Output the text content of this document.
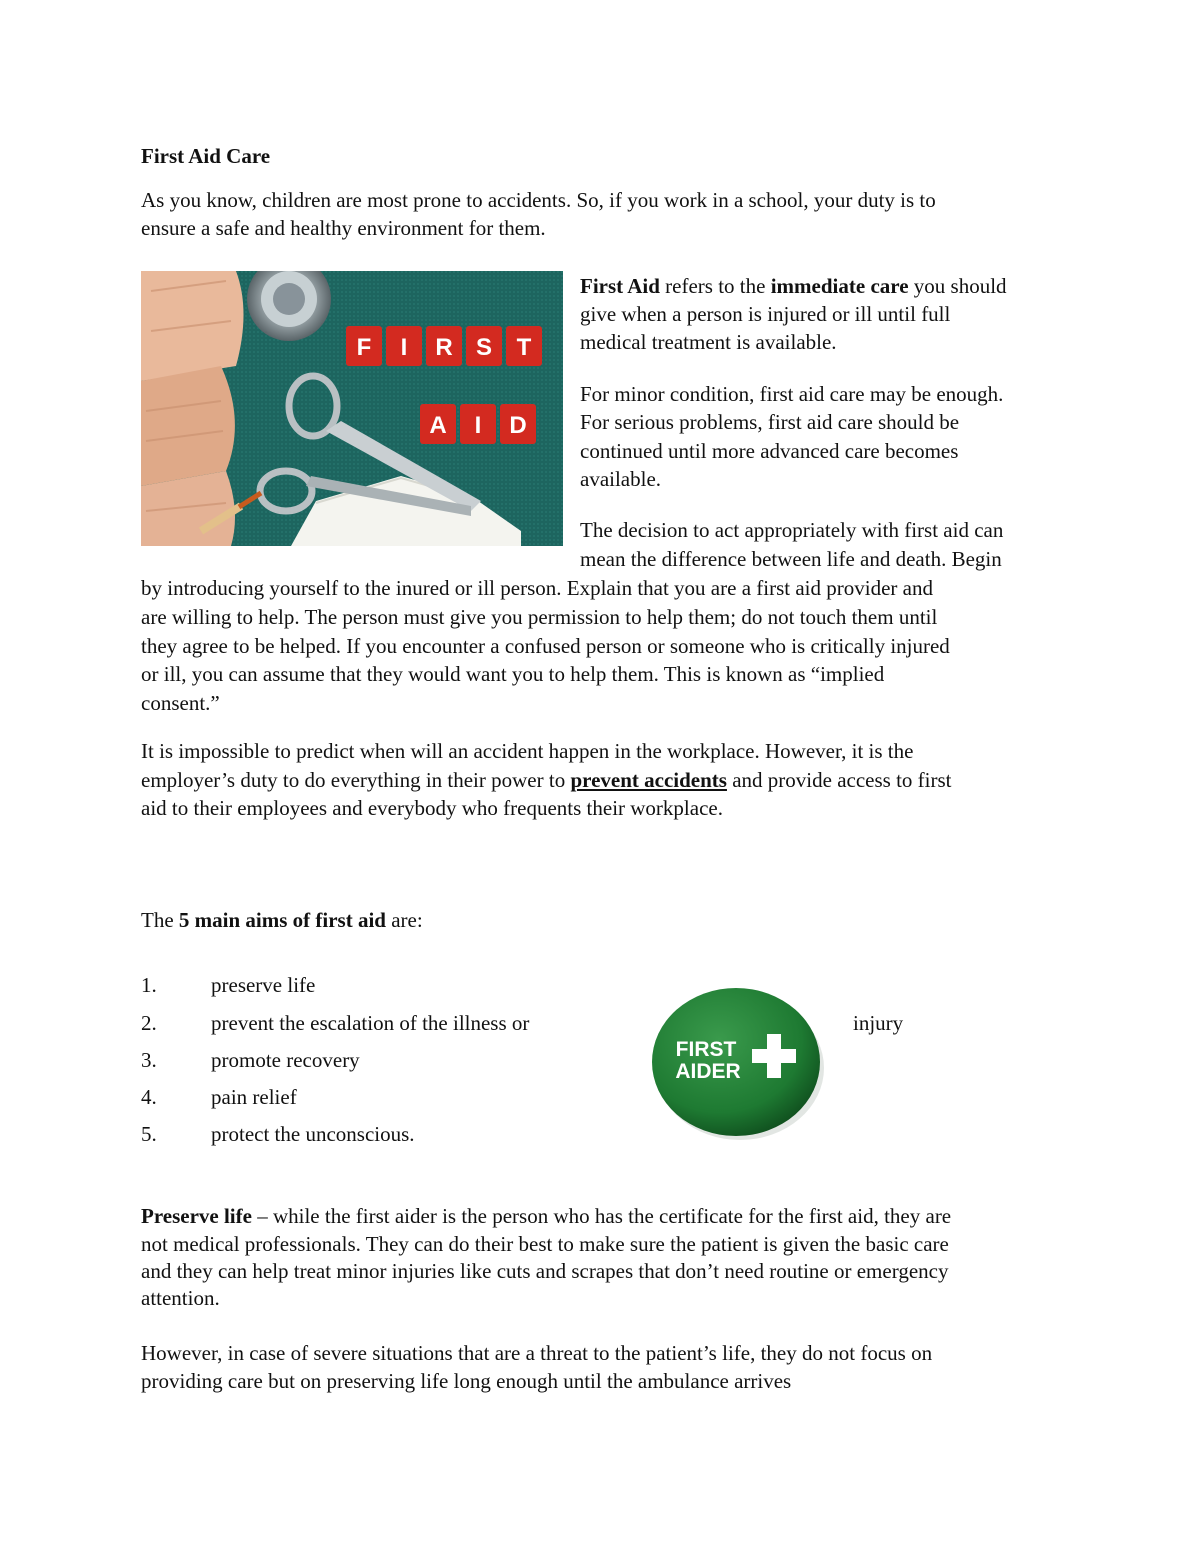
First Aid Care
As you know, children are most prone to accidents. So, if you work in a school, your duty is to
ensure a safe and healthy environment for them.
F I R S T
A I D
First Aid refers to the immediate care you should
give when a person is injured or ill until full
medical treatment is available.
For minor condition, first aid care may be enough.
For serious problems, first aid care should be
continued until more advanced care becomes
available.
The decision to act appropriately with first aid can
mean the difference between life and death. Begin
by introducing yourself to the inured or ill person. Explain that you are a first aid provider and
are willing to help. The person must give you permission to help them; do not touch them until
they agree to be helped. If you encounter a confused person or someone who is critically injured
or ill, you can assume that they would want you to help them. This is known as “implied
consent.”
It is impossible to predict when will an accident happen in the workplace. However, it is the
employer’s duty to do everything in their power to prevent accidents and provide access to first
aid to their employees and everybody who frequents their workplace.
The 5 main aims of first aid are:
1.	preserve life
2.	prevent the escalation of the illness or	injury
3.	promote recovery
4.	pain relief
5.	protect the unconscious.
FIRST
AIDER
Preserve life – while the first aider is the person who has the certificate for the first aid, they are
not medical professionals. They can do their best to make sure the patient is given the basic care
and they can help treat minor injuries like cuts and scrapes that don’t need routine or emergency
attention.
However, in case of severe situations that are a threat to the patient’s life, they do not focus on
providing care but on preserving life long enough until the ambulance arrives
